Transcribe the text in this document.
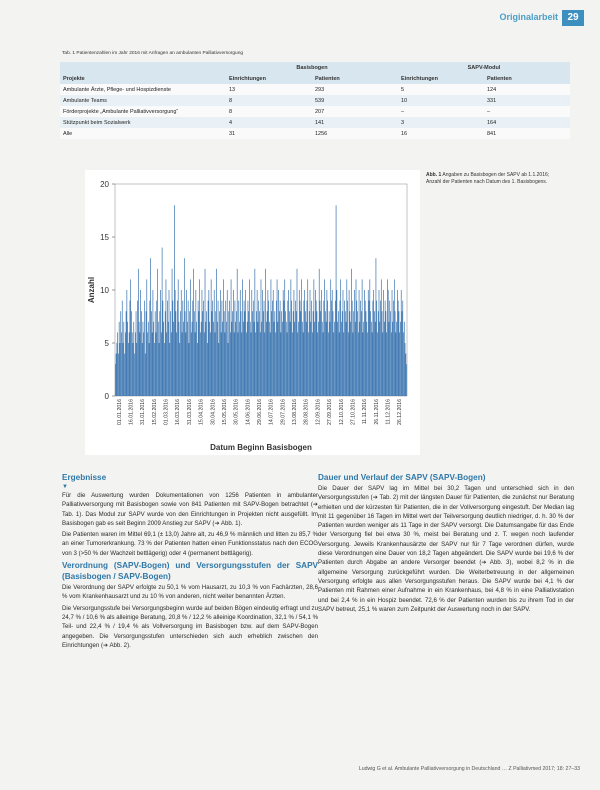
Originalarbeit 29
Tab. 1 Patientenzahlen im Jahr 2016 mit Anfragen an ambulanten Palliativversorgung
	Basisbogen		SAPV-Modul	
Projekte	Einrichtungen	Patienten	Einrichtungen	Patienten
Ambulante Ärzte, Pflege- und Hospizdienste	13	293	5	124
Ambulante Teams	8	539	10	331
Förderprojekte „Ambulante Palliativversorgung“	8	207	–	–
Stützpunkt beim Sozialwerk	4	141	3	164
Alle	31	1256	16	841
0
5
10
15
20
01.01.2016 16.01.2016 31.01.2016 15.02.2016 01.03.2016 16.03.2016 31.03.2016 15.04.2016 30.04.2016 15.05.2016 30.05.2016 14.06.2016 29.06.2016 14.07.2016 29.07.2016 13.08.2016 28.08.2016 12.09.2016 27.09.2016 12.10.2016 27.10.2016 11.11.2016 26.11.2016 11.12.2016 26.12.2016
Anzahl
Datum Beginn Basisbogen
Abb. 1 Angaben zu Basisbogen der SAPV ab 1.1.2016; Anzahl der Patienten nach Datum des 1. Basisbogens.
Ergebnisse
▼

Für die Auswertung wurden Dokumentationen von 1256 Patienten in ambulanter Palliativversorgung mit Basisbogen sowie von 841 Patienten mit SAPV-Bogen betrachtet (➔ Tab. 1). Das Modul zur SAPV wurde von den Einrichtungen in Projekten nicht ausgefüllt. Im Basisbogen gab es seit Beginn 2009 Anstieg zur SAPV (➔ Abb. 1).

Die Patienten waren im Mittel 69,1 (± 13,0) Jahre alt, zu 46,9 % männlich und litten zu 85,7 % an einer Tumorerkrankung. 73 % der Patienten hatten einen Funktionsstatus nach den ECOG von 3 (>50 % der Wachzeit bettlägerig) oder 4 (permanent bettlägerig).

Verordnung (SAPV-Bogen) und Versorgungsstufen der SAPV (Basisbogen / SAPV-Bogen)

Die Verordnung der SAPV erfolgte zu 50,1 % vom Hausarzt, zu 10,3 % von Fachärzten, 28,6 % vom Krankenhausarzt und zu 10 % von anderen, nicht weiter benannten Ärzten.

Die Versorgungsstufe bei Versorgungsbeginn wurde auf beiden Bögen eindeutig erfragt und zu 24,7 % / 10,6 % als alleinige Beratung, 20,8 % / 12,2 % alleinige Koordination, 32,1 % / 54,1 % Teil- und 22,4 % / 19,4 % als Vollversorgung im Basisbogen bzw. auf dem SAPV-Bogen angegeben. Die Versorgungsstufen unterschieden sich auch erheblich zwischen den Einrichtungen (➔ Abb. 2).

Dauer und Verlauf der SAPV (SAPV-Bogen)

Die Dauer der SAPV lag im Mittel bei 30,2 Tagen und unterschied sich in den Versorgungsstufen (➔ Tab. 2) mit der längsten Dauer für Patienten, die zunächst nur Beratung erhielten und der kürzesten für Patienten, die in der Vollversorgung eingestuft. Der Median lag mit 11 gegenüber 16 Tagen im Mittel wert der Teilversorgung deutlich niedriger, d. h. 30 % der Patienten wurden weniger als 11 Tage in der SAPV versorgt. Die Datumsangabe für das Ende der Versorgung fiel bei etwa 30 %, meist bei Beratung und z. T. wegen noch laufender Versorgung. Jeweils Krankenhausärzte der SAPV nur für 7 Tage verordnen dürfen, wurde diese Verordnungen eine Dauer von 18,2 Tagen abgeändert. Die SAPV wurde bei 19,6 % der Patienten durch Abgabe an andere Versorger beendet (➔ Abb. 3), wobei 8,2 % in die allgemeine Versorgung zurückgeführt wurden. Die Weiterbetreuung in der allgemeinen Versorgung erfolgte aus allen Versorgungsstufen heraus. Die SAPV wurde bei 4,1 % der Patienten mit Rahmen einer Aufnahme in ein Krankenhaus, bei 4,8 % in eine Palliativstation und bei 2,4 % in ein Hospiz beendet. 72,6 % der Patienten wurden bis zu ihrem Tod in der SAPV betreut, 25,1 % waren zum Zeitpunkt der Auswertung noch in der SAPV.

Ludwig G et al. Ambulante Palliativversorgung in Deutschland … Z Palliativmed 2017; 18: 27–33
